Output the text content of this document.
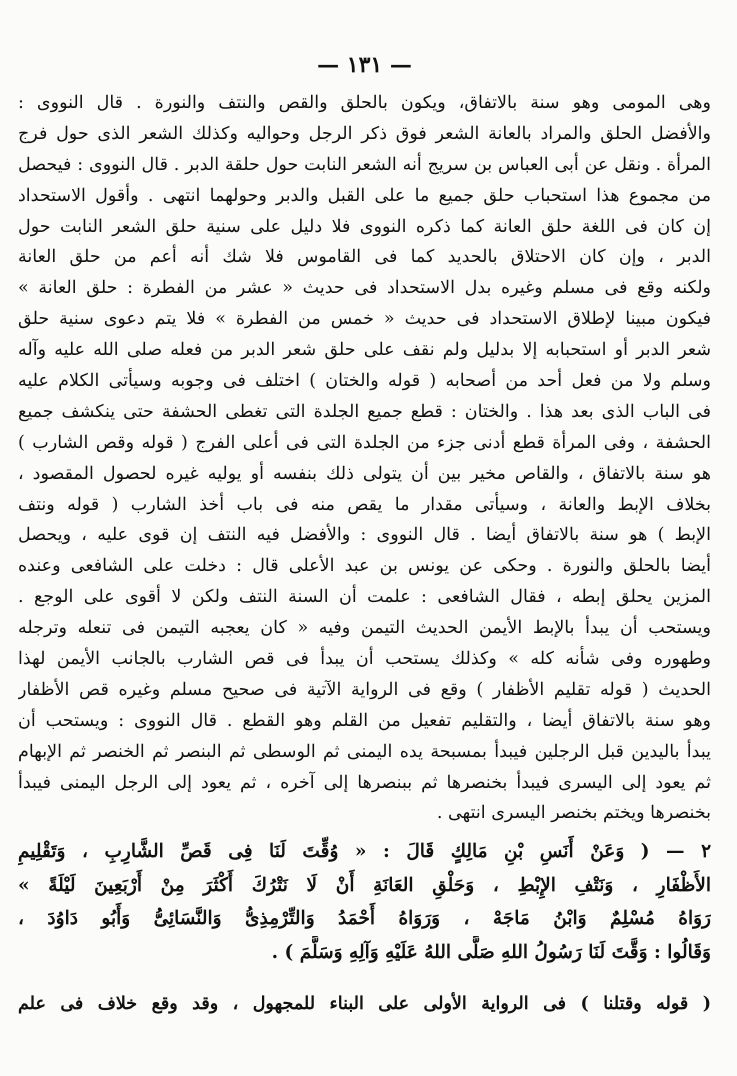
— ١٣١ —
وهى المومى وهو سنة بالاتفاق، ويكون بالحلق والقص والنتف والنورة . قال النووى :
والأفضل الحلق والمراد بالعانة الشعر فوق ذكر الرجل وحواليه وكذلك الشعر الذى حول فرج
المرأة . ونقل عن أبى العباس بن سريج أنه الشعر النابت حول حلقة الدبر . قال النووى : فيحصل
من مجموع هذا استحباب حلق جميع ما على القبل والدبر وحولهما انتهى . وأقول الاستحداد
إن كان فى اللغة حلق العانة كما ذكره النووى فلا دليل على سنية حلق الشعر النابت حول
الدبر ، وإن كان الاحتلاق بالحديد كما فى القاموس فلا شك أنه أعم من حلق العانة
ولكنه وقع فى مسلم وغيره بدل الاستحداد فى حديث « عشر من الفطرة : حلق العانة »
فيكون مبينا لإطلاق الاستحداد فى حديث « خمس من الفطرة » فلا يتم دعوى سنية حلق
شعر الدبر أو استحبابه إلا بدليل ولم نقف على حلق شعر الدبر من فعله صلى الله عليه وآله
وسلم ولا من فعل أحد من أصحابه ( قوله والختان ) اختلف فى وجوبه وسيأتى الكلام عليه
فى الباب الذى بعد هذا . والختان : قطع جميع الجلدة التى تغطى الحشفة حتى ينكشف جميع
الحشفة ، وفى المرأة قطع أدنى جزء من الجلدة التى فى أعلى الفرج ( قوله وقص الشارب )
هو سنة بالاتفاق ، والقاص مخير بين أن يتولى ذلك بنفسه أو يوليه غيره لحصول المقصود ،
بخلاف الإبط والعانة ، وسيأتى مقدار ما يقص منه فى باب أخذ الشارب ( قوله ونتف
الإبط ) هو سنة بالاتفاق أيضا . قال النووى : والأفضل فيه النتف إن قوى عليه ، ويحصل
أيضا بالحلق والنورة . وحكى عن يونس بن عبد الأعلى قال : دخلت على الشافعى وعنده
المزين يحلق إبطه ، فقال الشافعى : علمت أن السنة النتف ولكن لا أقوى على الوجع .
ويستحب أن يبدأ بالإبط الأيمن الحديث التيمن وفيه « كان يعجبه التيمن فى تنعله وترجله
وطهوره وفى شأنه كله » وكذلك يستحب أن يبدأ فى قص الشارب بالجانب الأيمن لهذا
الحديث ( قوله تقليم الأظفار ) وقع فى الرواية الآتية فى صحيح مسلم وغيره قص الأظفار
وهو سنة بالاتفاق أيضا ، والتقليم تفعيل من القلم وهو القطع . قال النووى : ويستحب أن
يبدأ باليدين قبل الرجلين فيبدأ بمسبحة يده اليمنى ثم الوسطى ثم البنصر ثم الخنصر ثم الإبهام
ثم يعود إلى اليسرى فيبدأ بخنصرها ثم ببنصرها إلى آخره ، ثم يعود إلى الرجل اليمنى فيبدأ
بخنصرها ويختم بخنصر اليسرى انتهى .
٢ — ( وَعَنْ أَنَسِ بْنِ مَالِكٍ قَالَ : « وُقِّتَ لَنَا فِى قَصِّ الشَّارِبِ ، وَتَقْلِيمِ
الأَظْفَارِ ، وَنَتْفِ الإِبْطِ ، وَحَلْقِ العَانَةِ أَنْ لَا نَتْرُكَ أَكْثَرَ مِنْ أَرْبَعِينَ لَيْلَةً »
رَوَاهُ مُسْلِمٌ وَابْنُ مَاجَهْ ، وَرَوَاهُ أَحْمَدُ وَالتِّرْمِذِىُّ وَالنَّسَائِىُّ وَأَبُو دَاوُدَ ،
وَقَالُوا : وَقَّتَ لَنَا رَسُولُ اللهِ صَلَّى اللهُ عَلَيْهِ وَآلِهِ وَسَلَّمَ ) .
( قوله وقتلنا ) فى الرواية الأولى على البناء للمجهول ، وقد وقع خلاف فى علم
